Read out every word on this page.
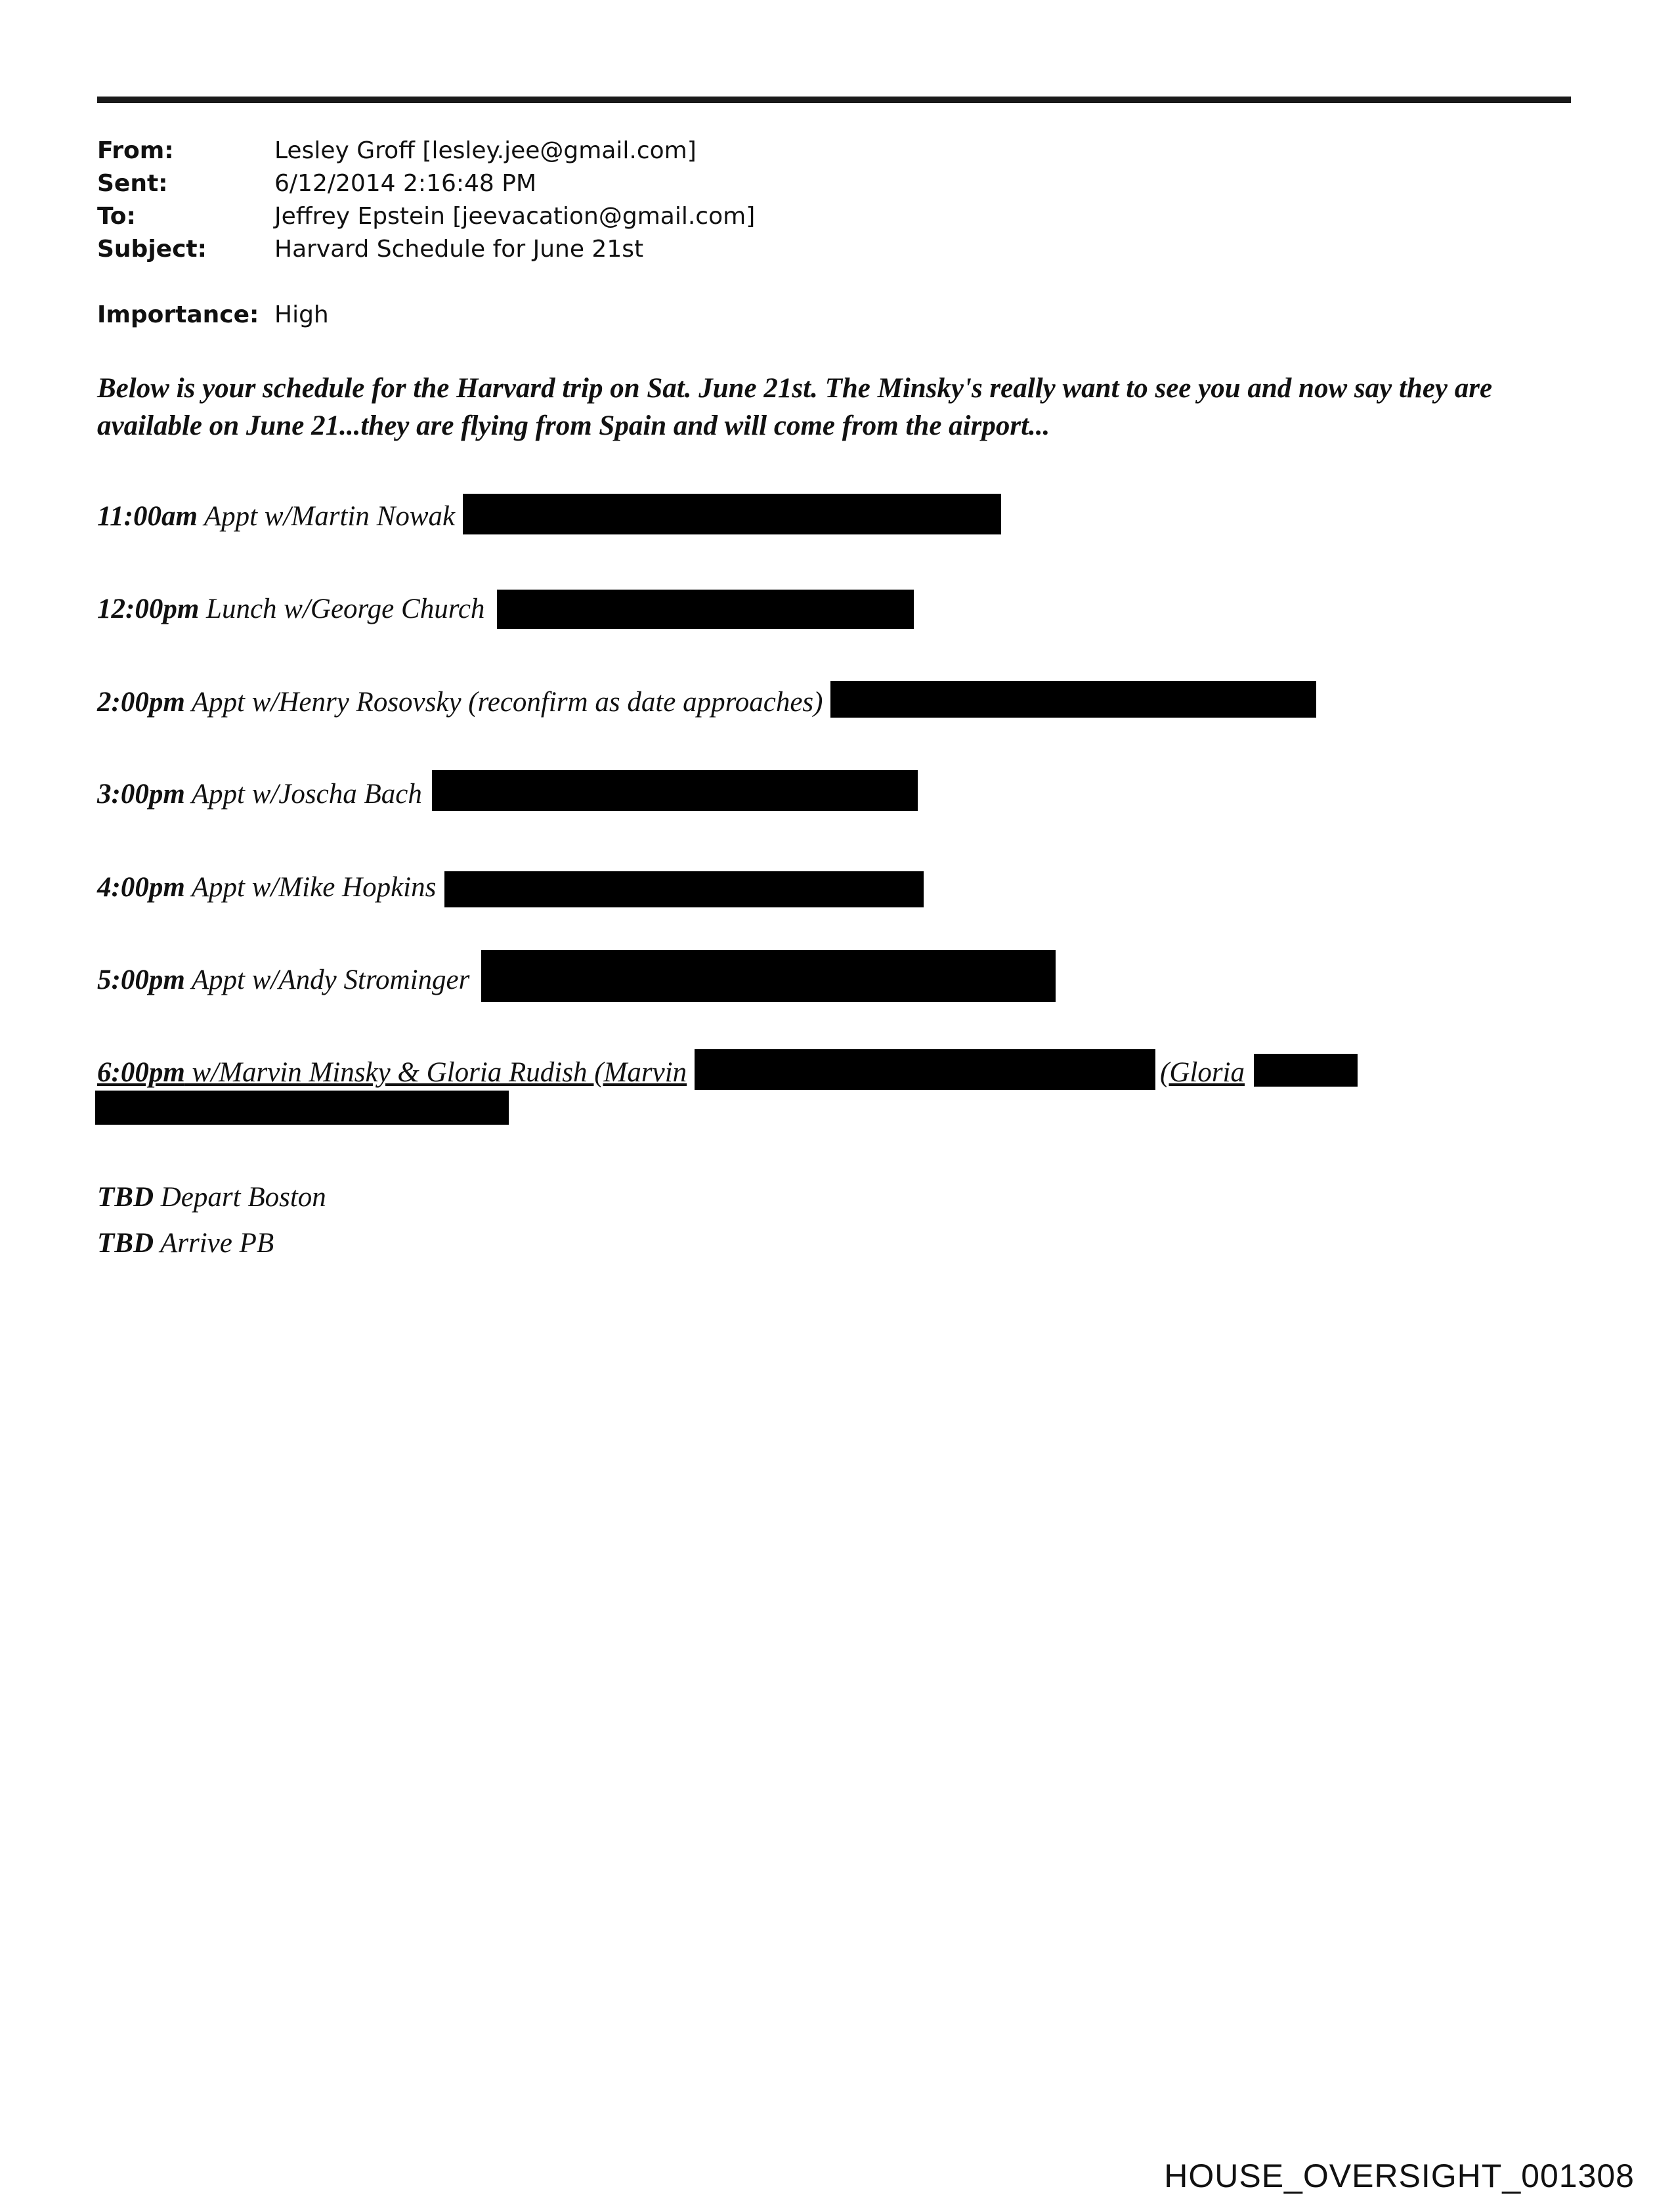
From:	Lesley Groff [lesley.jee@gmail.com]
Sent:	6/12/2014 2:16:48 PM
To:	Jeffrey Epstein [jeevacation@gmail.com]
Subject:	Harvard Schedule for June 21st
Importance: High
Below is your schedule for the Harvard trip on Sat. June 21st. The Minsky's really want to see you and now say they are
available on June 21...they are flying from Spain and will come from the airport...
11:00am Appt w/Martin Nowak
12:00pm Lunch w/George Church
2:00pm Appt w/Henry Rosovsky (reconfirm as date approaches)
3:00pm Appt w/Joscha Bach
4:00pm Appt w/Mike Hopkins
5:00pm Appt w/Andy Strominger
6:00pm w/Marvin Minsky & Gloria Rudish (Marvin	(Gloria
TBD Depart Boston
TBD Arrive PB
HOUSE_OVERSIGHT_001308
